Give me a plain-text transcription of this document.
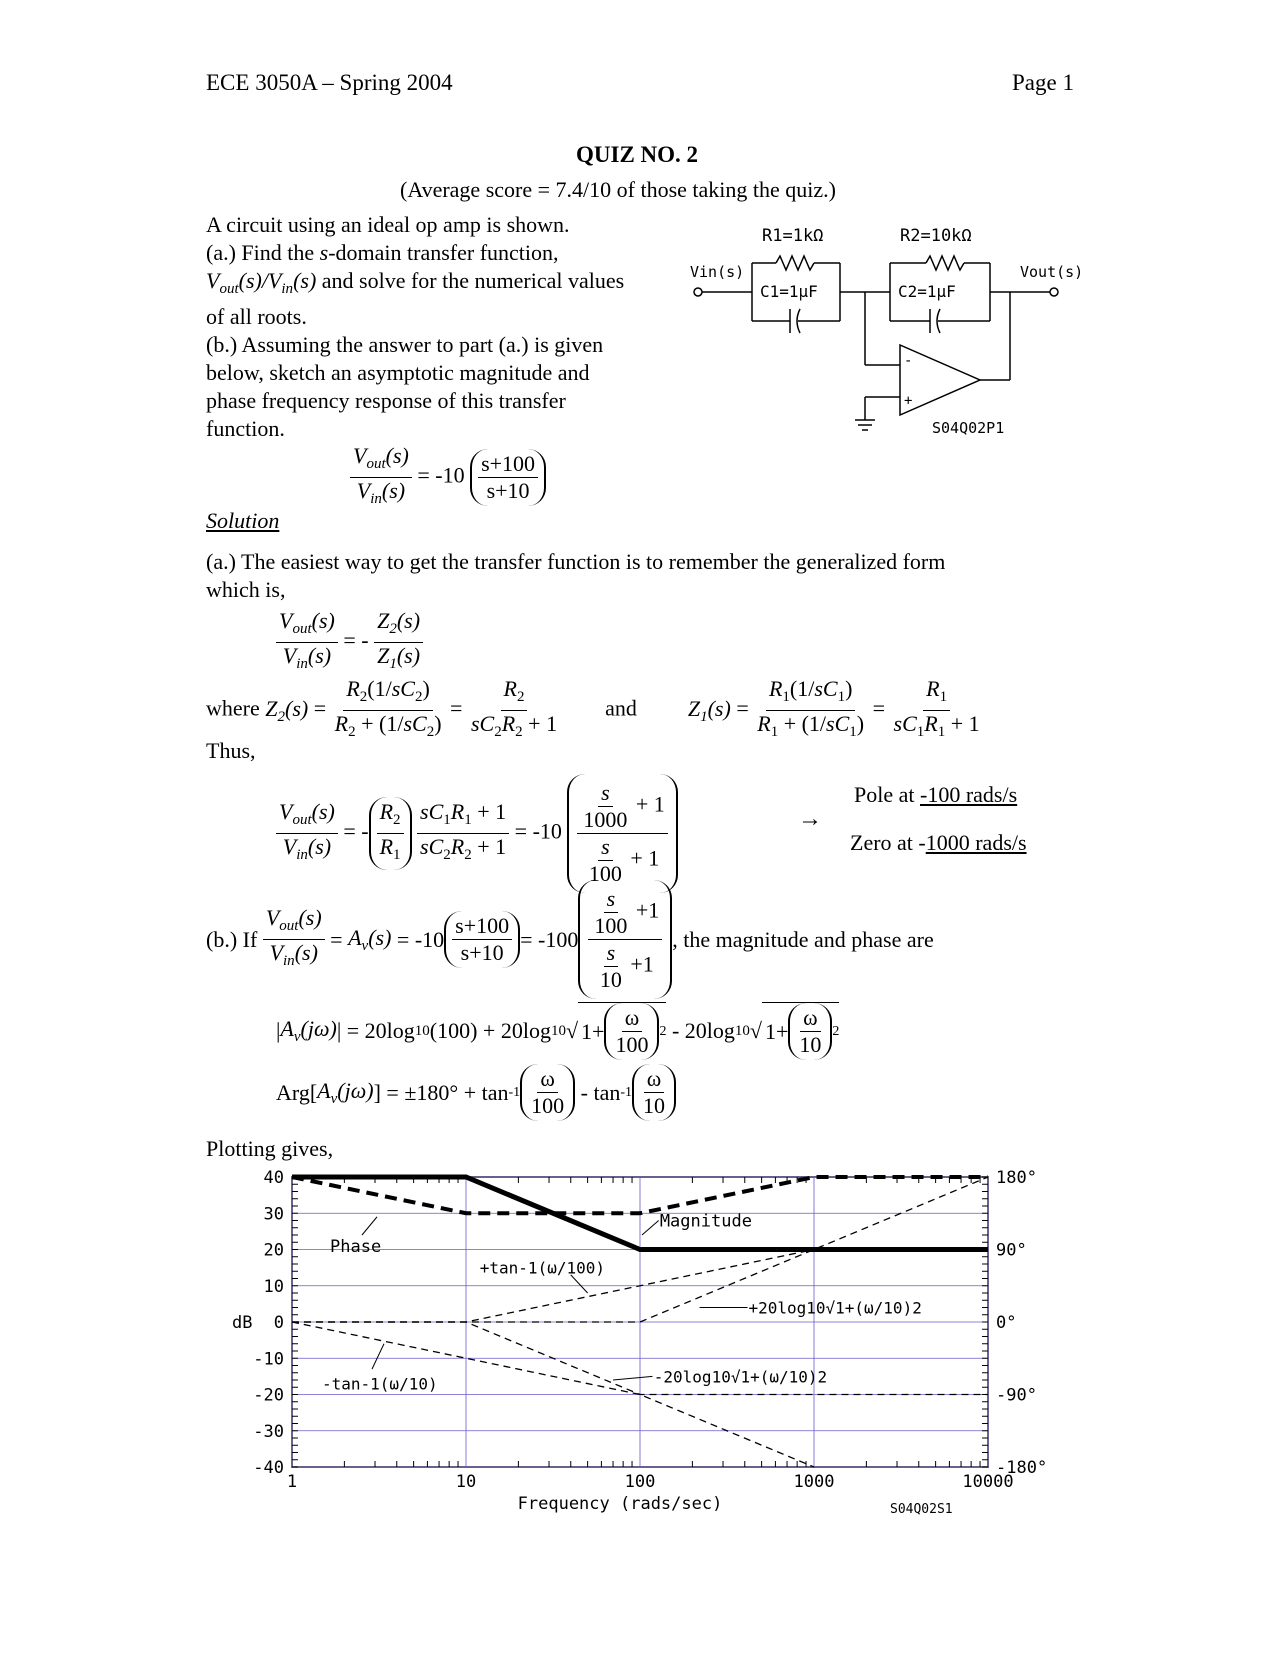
ECE 3050A – Spring 2004	Page 1
QUIZ NO. 2
(Average score = 7.4/10 of those taking the quiz.)
A circuit using an ideal op amp is shown.
(a.) Find the s-domain transfer function,
$V_{out}(s)/V_{in}(s)$ and solve for the numerical values
of all roots.
(b.) Assuming the answer to part (a.) is given
below, sketch an asymptotic magnitude and
phase frequency response of this transfer
function.
R1=1kΩ	R2=10kΩ
C1=1μF	C2=1μF
Vin(s)	Vout(s)
-
+
S04Q02P1
$\frac{V_{out}(s)}{V_{in}(s)} = -10 \frac{s+100}{s+10}$
Solution
(a.) The easiest way to get the transfer function is to remember the generalized form
which is,
$\frac{V_{out}(s)}{V_{in}(s)}$ = - $\frac{Z_2(s)}{Z_1(s)}$
where $Z_2(s) = \frac{R_2(1/sC_2)}{R_2 + (1/sC_2)} = \frac{R_2}{sC_2R_2 + 1}$ and $Z_1(s) = \frac{R_1(1/sC_1)}{R_1 + (1/sC_1)} = \frac{R_1}{sC_1R_1 + 1}$
Thus,
$\frac{V_{out}(s)}{V_{in}(s)}$ = - $\frac{R_2}{R_1}$
$\frac{sC_1R_1 + 1}{sC_2R_2 + 1} = -10 \frac{\frac{s}{1000} + 1}{\frac{s}{100} + 1}$	→
Pole at -100 rads/s
Zero at -1000 rads/s
(b.) If
$\frac{V_{out}(s)}{V_{in}(s)} = A_v(s) = -10 \frac{s+100}{s+10} = -100 \frac{\frac{s}{100} +1}{\frac{s}{10} +1}$ , the magnitude and phase are
| $A_v(j\omega)$ | = 20log 10 (100) + 20log 10 √ $1+ \frac{\omega}{100} 2 - 20\log$ 10 √ $1+ \frac{\omega}{10} 2$
Arg[ $A_v(j\omega)$ ] = $\pm 180^\circ + \tan -1 \frac{\omega}{100} - \tan -1 \frac{\omega}{10}$
Plotting gives,
40
30
20
10
0
-10
-20
-30
-40
1	10	100	1000	10000
180°
90°
0°
-90°
-180°
dB
Frequency (rads/sec)	S04Q02S1
Phase
Magnitude
+tan-1(ω/100)
+20log10√1+(ω/10)2
-20log10√1+(ω/10)2
-tan-1(ω/10)
